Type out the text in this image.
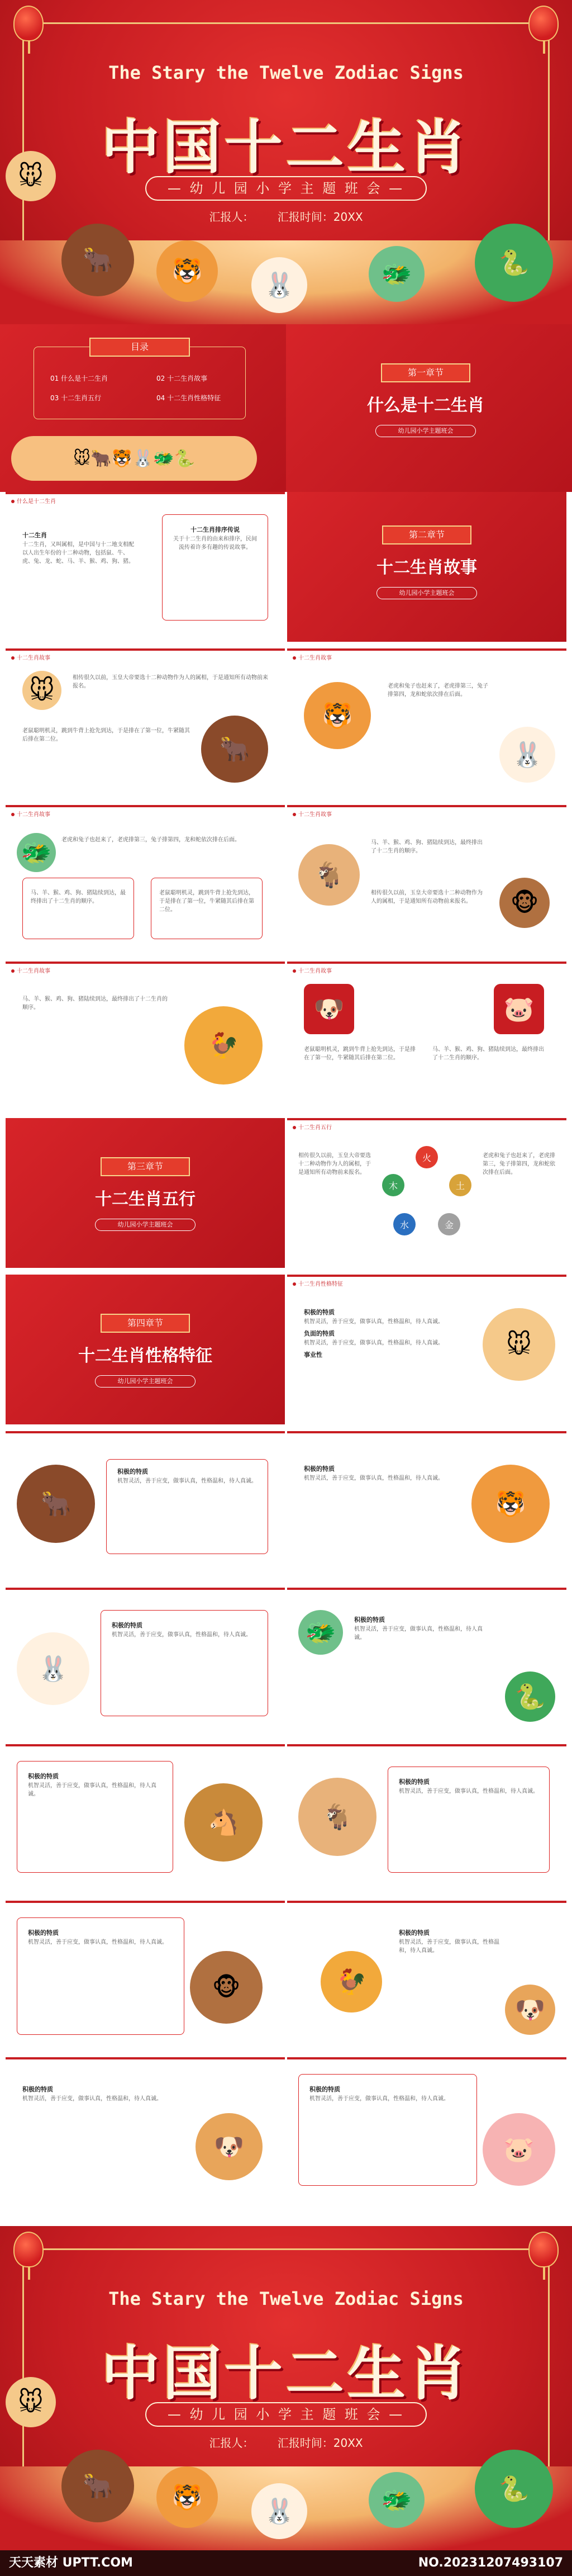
The Stary the Twelve Zodiac Signs
中国十二生肖
— 幼 儿 园 小 学 主 题 班 会 —
汇报人： 汇报时间：20XX
🐭
🐂	🐯	🐰	🐲	🐍
目录
01 什么是十二生肖	02 十二生肖故事
03 十二生肖五行	04 十二生肖性格特征
🐭🐂🐯🐰🐲🐍
第一章节
什么是十二生肖
幼儿园小学主题班会
什么是十二生肖
十二生肖
十二生肖，又叫属相，是中国与十二地支相配以人出生年份的十二种动物，包括鼠、牛、虎、兔、龙、蛇、马、羊、猴、鸡、狗、猪。
十二生肖排序传说
关于十二生肖的由来和排序，民间流传着许多有趣的传说故事。
第二章节
十二生肖故事
幼儿园小学主题班会
十二生肖故事
🐭	相传很久以前，玉皇大帝要选十二种动物作为人的属相，于是通知所有动物前来报名。
老鼠聪明机灵，跳到牛背上抢先到达，于是排在了第一位，牛紧随其后排在第二位。	🐂
十二生肖故事
🐯
老虎和兔子也赶来了，老虎排第三，兔子排第四，龙和蛇依次排在后面。
🐰
十二生肖故事
🐲	老虎和兔子也赶来了，老虎排第三，兔子排第四，龙和蛇依次排在后面。
马、羊、猴、鸡、狗、猪陆续到达，最终排出了十二生肖的顺序。
老鼠聪明机灵，跳到牛背上抢先到达，于是排在了第一位，牛紧随其后排在第二位。
十二生肖故事
🐐
马、羊、猴、鸡、狗、猪陆续到达，最终排出了十二生肖的顺序。
相传很久以前，玉皇大帝要选十二种动物作为人的属相，于是通知所有动物前来报名。	🐵
十二生肖故事
马、羊、猴、鸡、狗、猪陆续到达，最终排出了十二生肖的顺序。
🐓
十二生肖故事
🐶	🐷
老鼠聪明机灵，跳到牛背上抢先到达，于是排在了第一位，牛紧随其后排在第二位。
马、羊、猴、鸡、狗、猪陆续到达，最终排出了十二生肖的顺序。
第三章节
十二生肖五行
幼儿园小学主题班会
十二生肖五行
火
木	土
水	金
相传很久以前，玉皇大帝要选十二种动物作为人的属相，于是通知所有动物前来报名。
老虎和兔子也赶来了，老虎排第三，兔子排第四，龙和蛇依次排在后面。
第四章节
十二生肖性格特征
幼儿园小学主题班会
十二生肖性格特征
积极的特质
机智灵活，善于应变，做事认真，性格温和，待人真诚。
负面的特质
机智灵活，善于应变，做事认真，性格温和，待人真诚。
事业性	🐭
🐂
积极的特质
机智灵活，善于应变，做事认真，性格温和，待人真诚。
积极的特质
机智灵活，善于应变，做事认真，性格温和，待人真诚。
🐯
🐰
积极的特质
机智灵活，善于应变，做事认真，性格温和，待人真诚。 🐲	积极的特质
机智灵活，善于应变，做事认真，性格温和，待人真诚。
🐍
积极的特质
机智灵活，善于应变，做事认真，性格温和，待人真诚。
🐴	🐐
积极的特质
机智灵活，善于应变，做事认真，性格温和，待人真诚。
积极的特质
机智灵活，善于应变，做事认真，性格温和，待人真诚。
🐵	🐓
积极的特质
机智灵活，善于应变，做事认真，性格温和，待人真诚。
🐶
积极的特质
机智灵活，善于应变，做事认真，性格温和，待人真诚。
🐶
积极的特质
机智灵活，善于应变，做事认真，性格温和，待人真诚。
🐷
The Stary the Twelve Zodiac Signs
中国十二生肖
— 幼 儿 园 小 学 主 题 班 会 —
汇报人： 汇报时间：20XX
🐭
🐂	🐯	🐰	🐲	🐍
天天素材 UPTT.COM	NO.20231207493107
